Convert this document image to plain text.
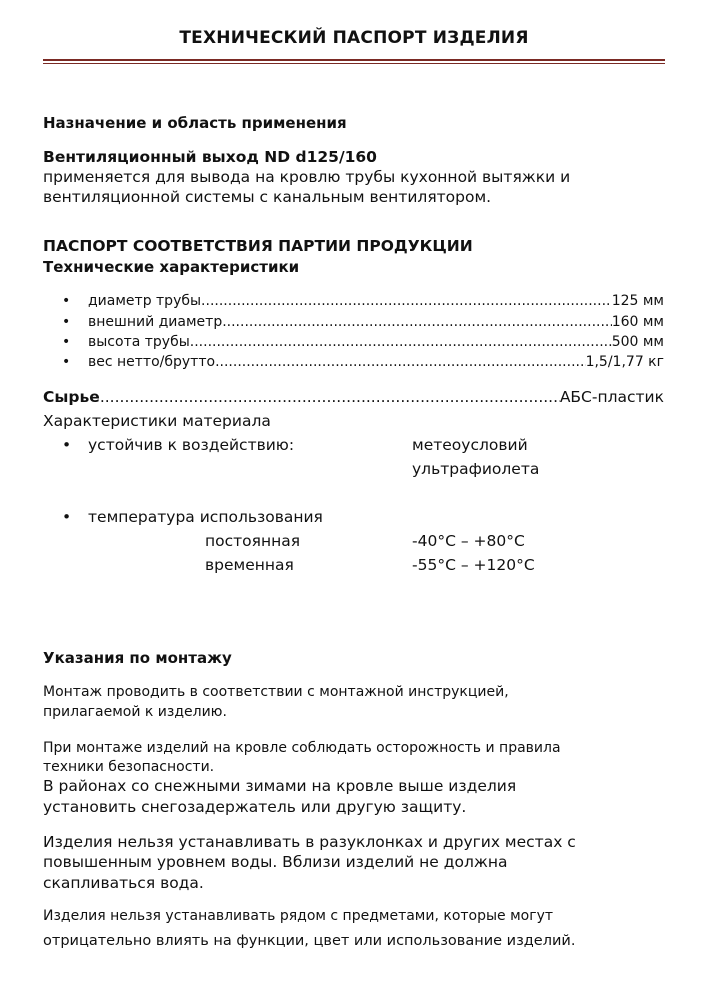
ТЕХНИЧЕСКИЙ ПАСПОРТ ИЗДЕЛИЯ
Назначение и область применения
Вентиляционный выход ND d125/160
применяется для вывода на кровлю трубы кухонной вытяжки и
вентиляционной системы с канальным вентилятором.
ПАСПОРТ СООТВЕТСТВИЯ ПАРТИИ ПРОДУКЦИИ
Технические характеристики
•	диаметр трубы .....	125 мм
•	внешний диаметр .....	160 мм
•	высота трубы .....	500 мм
•	вес нетто/брутто .....	1,5/1,77 кг
Сырье .....	АБС-пластик
Характеристики материала
• устойчив к воздействию:	метеоусловий
ультрафиолета
• температура использования
постоянная	-40°C – +80°C
временная	-55°C – +120°C
Указания по монтажу
Монтаж проводить в соответствии с монтажной инструкцией,
прилагаемой к изделию.
При монтаже изделий на кровле соблюдать осторожность и правила
техники безопасности.
В районах со снежными зимами на кровле выше изделия
установить снегозадержатель или другую защиту.
Изделия нельзя устанавливать в разуклонках и других местах с
повышенным уровнем воды. Вблизи изделий не должна
скапливаться вода.
Изделия нельзя устанавливать рядом с предметами, которые могут
отрицательно влиять на функции, цвет или использование изделий.
